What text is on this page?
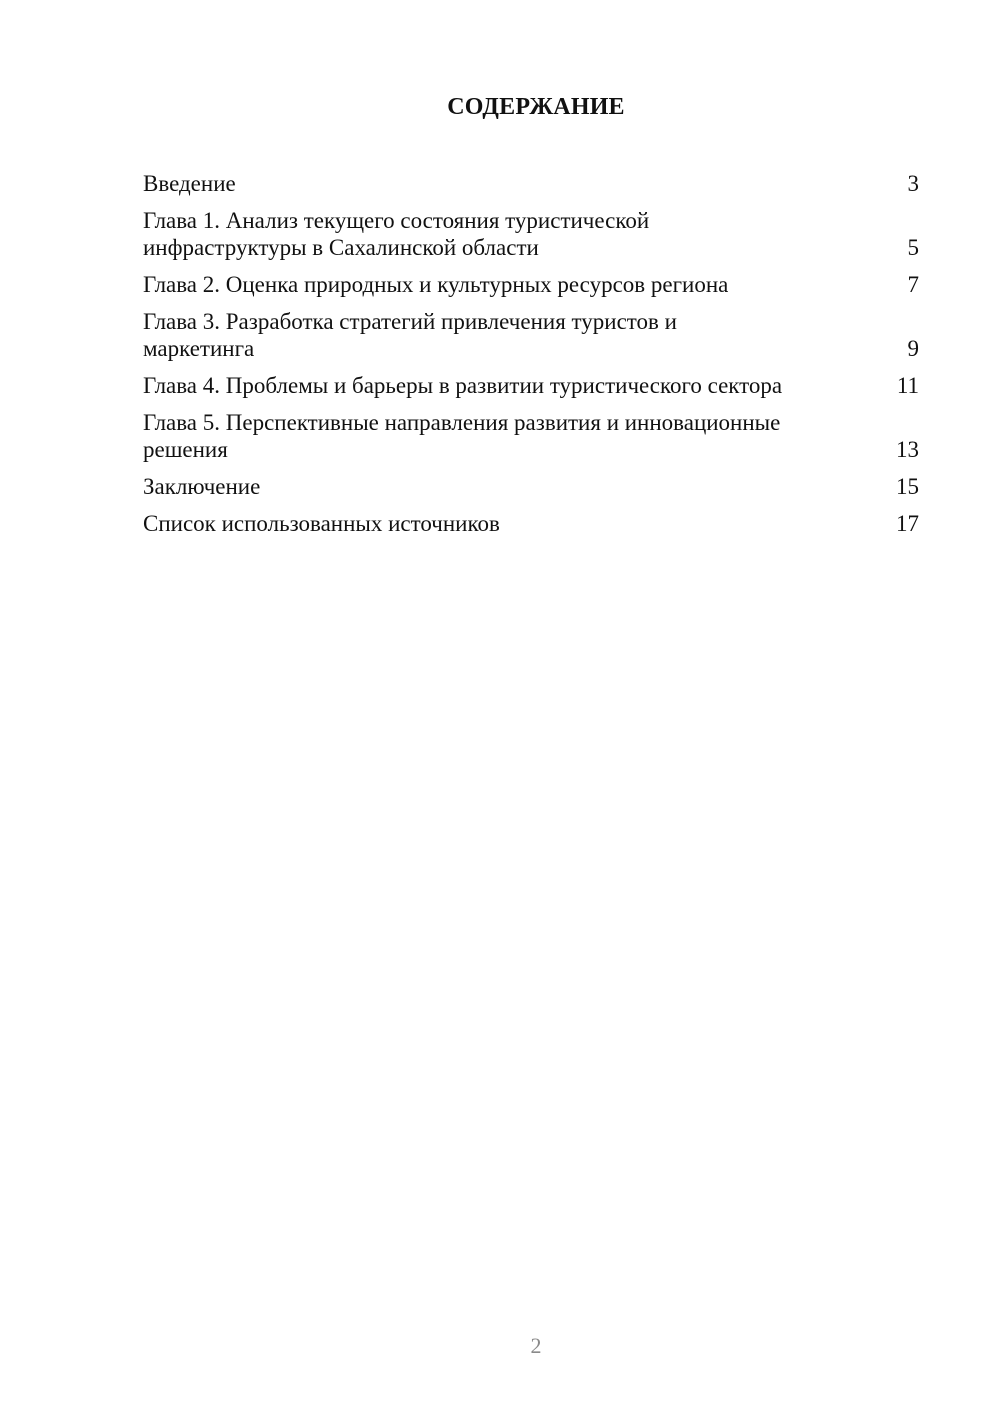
СОДЕРЖАНИЕ
Введение	3
Глава 1. Анализ текущего состояния туристической инфраструктуры в Сахалинской области	5
Глава 2. Оценка природных и культурных ресурсов региона	7
Глава 3. Разработка стратегий привлечения туристов и маркетинга	9
Глава 4. Проблемы и барьеры в развитии туристического сектора	11
Глава 5. Перспективные направления развития и инновационные решения	13
Заключение	15
Список использованных источников	17
2
